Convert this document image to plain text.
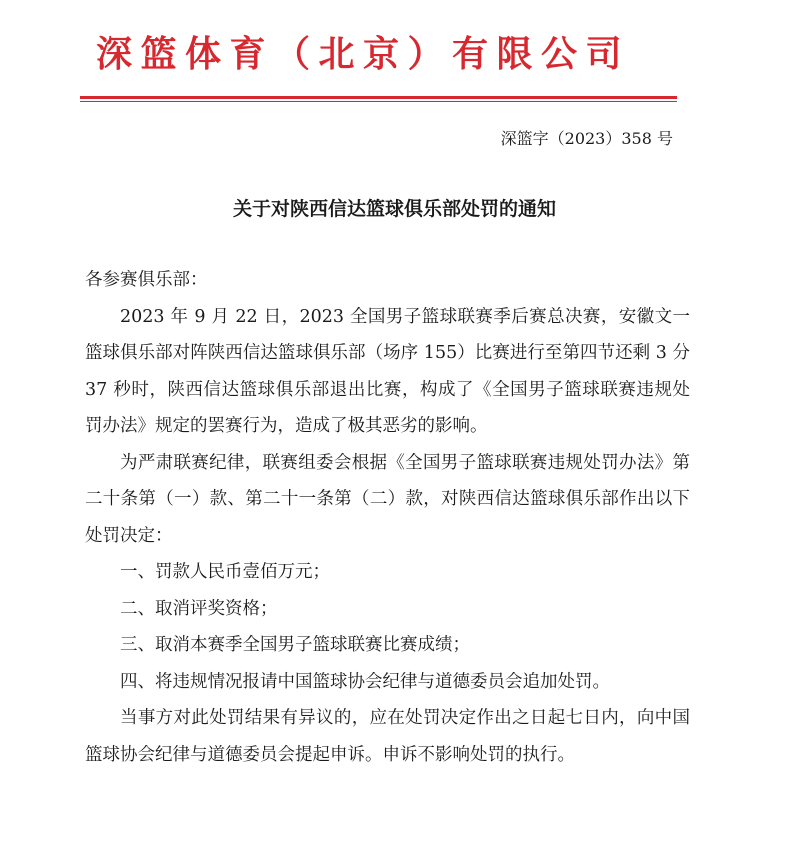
深篮体育（北京）有限公司
深篮字（2023）358 号
关于对陕西信达篮球俱乐部处罚的通知

各参赛俱乐部：

2023 年 9 月 22 日，2023 全国男子篮球联赛季后赛总决赛，安徽文一篮球俱乐部对阵陕西信达篮球俱乐部（场序 155）比赛进行至第四节还剩 3 分 37 秒时，陕西信达篮球俱乐部退出比赛，构成了《全国男子篮球联赛违规处罚办法》规定的罢赛行为，造成了极其恶劣的影响。

为严肃联赛纪律，联赛组委会根据《全国男子篮球联赛违规处罚办法》第二十条第（一）款、第二十一条第（二）款，对陕西信达篮球俱乐部作出以下处罚决定：

一、罚款人民币壹佰万元；

二、取消评奖资格；

三、取消本赛季全国男子篮球联赛比赛成绩；

四、将违规情况报请中国篮球协会纪律与道德委员会追加处罚。

当事方对此处罚结果有异议的，应在处罚决定作出之日起七日内，向中国篮球协会纪律与道德委员会提起申诉。申诉不影响处罚的执行。
